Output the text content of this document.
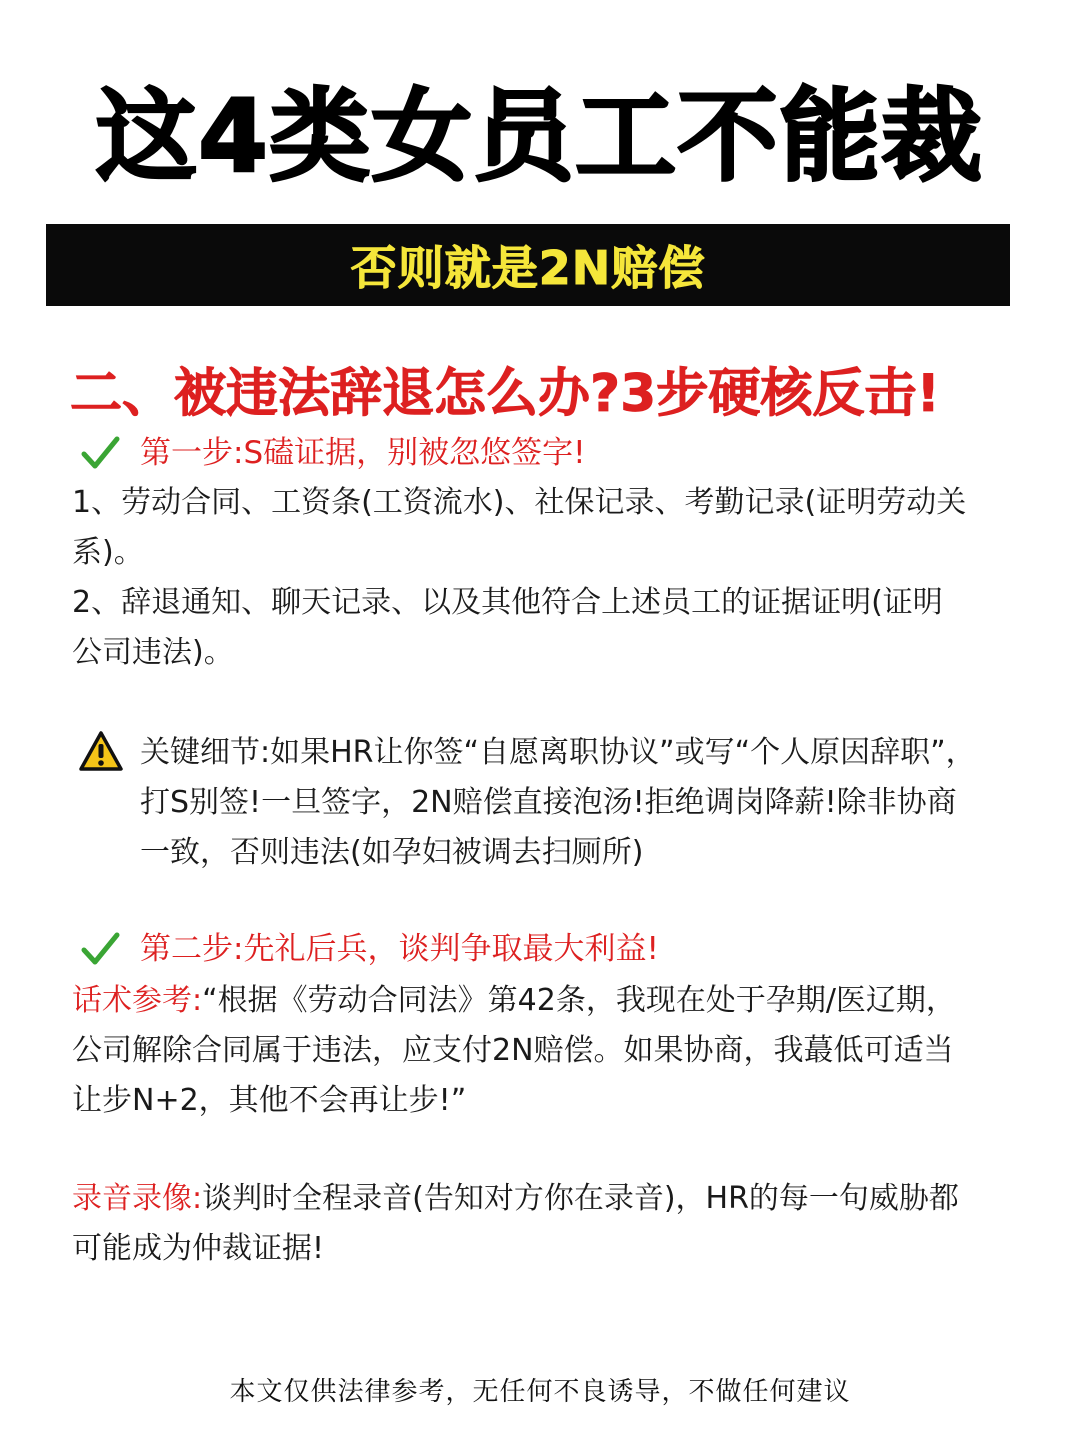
这4类女员工不能裁
否则就是2N赔偿
二、被违法辞退怎么办?3步硬核反击!
第一步:S磕证据，别被忽悠签字!
1、劳动合同、工资条(工资流水)、社保记录、考勤记录(证明劳动关系)。
2、辞退通知、聊天记录、以及其他符合上述员工的证据证明(证明公司违法)。
关键细节:如果HR让你签“自愿离职协议”或写“个人原因辞职”，打S别签!一旦签字，2N赔偿直接泡汤!拒绝调岗降薪!除非协商一致，否则违法(如孕妇被调去扫厕所)
第二步:先礼后兵，谈判争取最大利益!
话术参考:“根据《劳动合同法》第42条，我现在处于孕期/医辽期，公司解除合同属于违法，应支付2N赔偿。如果协商，我蕞低可适当让步N+2，其他不会再让步!”
录音录像:谈判时全程录音(告知对方你在录音)，HR的每一句威胁都可能成为仲裁证据!
本文仅供法律参考，无任何不良诱导，不做任何建议
